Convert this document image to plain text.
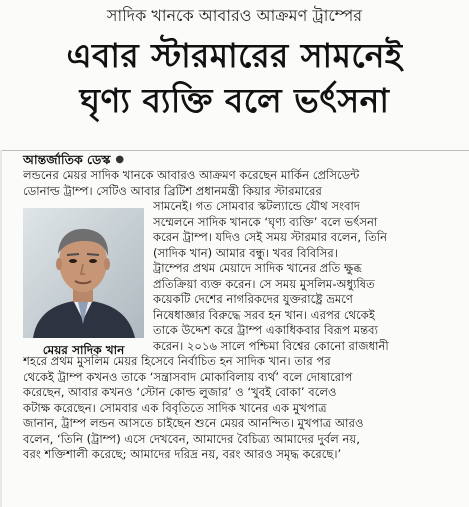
সাদিক খানকে আবারও আক্রমণ ট্রাম্পের
এবার স্টারমারের সামনেই
ঘৃণ্য ব্যক্তি বলে ভর্ৎসনা
আন্তর্জাতিক ডেস্ক ●
মেয়র সাদিক খান
লন্ডনের মেয়র সাদিক খানকে আবারও আক্রমণ করেছেন মার্কিন প্রেসিডেন্ট
ডোনাল্ড ট্রাম্প। সেটিও আবার ব্রিটিশ প্রধানমন্ত্রী কিয়ার স্টারমারের
সামনেই। গত সোমবার স্কটল্যান্ডে যৌথ সংবাদ
সম্মেলনে সাদিক খানকে ‘ঘৃণ্য ব্যক্তি’ বলে ভর্ৎসনা
করেন ট্রাম্প। যদিও সেই সময় স্টারমার বলেন, তিনি
(সাদিক খান) আমার বন্ধু। খবর বিবিসির।
ট্রাম্পের প্রথম মেয়াদে সাদিক খানের প্রতি ক্ষুব্ধ
প্রতিক্রিয়া ব্যক্ত করেন। সে সময় মুসলিম-অধ্যুষিত
কয়েকটি দেশের নাগরিকদের যুক্তরাষ্ট্রে ভ্রমণে
নিষেধাজ্ঞার বিরুদ্ধে সরব হন খান। এরপর থেকেই
তাকে উদ্দেশ করে ট্রাম্প একাধিকবার বিরূপ মন্তব্য
করেন। ২০১৬ সালে পশ্চিমা বিশ্বের কোনো রাজধানী
শহরে প্রথম মুসলিম মেয়র হিসেবে নির্বাচিত হন সাদিক খান। তার পর
থেকেই ট্রাম্প কখনও তাকে ‘সন্ত্রাসবাদ মোকাবিলায় ব্যর্থ’ বলে দোষারোপ
করেছেন, আবার কখনও ‘স্টোন কোল্ড লুজার’ ও ‘খুবই বোকা’ বলেও
কটাক্ষ করেছেন। সোমবার এক বিবৃতিতে সাদিক খানের এক মুখপাত্র
জানান, ট্রাম্প লন্ডন আসতে চাইছেন শুনে মেয়র আনন্দিত। মুখপাত্র আরও
বলেন, ‘তিনি (ট্রাম্প) এসে দেখবেন, আমাদের বৈচিত্র্য আমাদের দুর্বল নয়,
বরং শক্তিশালী করেছে; আমাদের দরিদ্র নয়, বরং আরও সমৃদ্ধ করেছে।’
